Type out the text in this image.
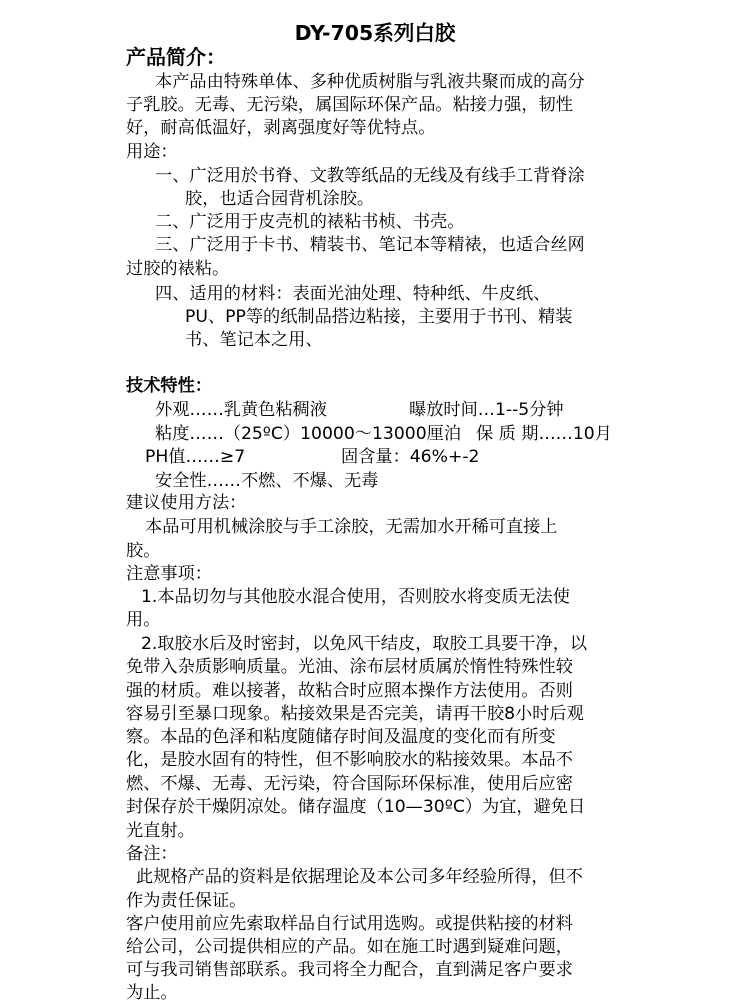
DY-705系列白胶
产品简介：
本产品由特殊单体、多种优质树脂与乳液共聚而成的高分
子乳胶。无毒、无污染，属国际环保产品。粘接力强，韧性
好，耐高低温好，剥离强度好等优特点。
用途：
一、广泛用於书脊、文教等纸品的无线及有线手工背脊涂
胶，也适合园背机涂胶。
二、广泛用于皮壳机的裱粘书桢、书壳。
三、广泛用于卡书、精装书、笔记本等精裱，也适合丝网
过胶的裱粘。
四、适用的材料：表面光油处理、特种纸、牛皮纸、
PU、PP等的纸制品搭边粘接，主要用于书刊、精装
书、笔记本之用、
技术特性：
外观……乳黄色粘稠液	曝放时间…1--5分钟
粘度……（25ºC）10000～13000厘泊 保 质 期……10月
PH值……≥7	固含量：46%+-2
安全性……不燃、不爆、无毒
建议使用方法：
本品可用机械涂胶与手工涂胶，无需加水开稀可直接上
胶。
注意事项：
1.本品切勿与其他胶水混合使用，否则胶水将变质无法使
用。
2.取胶水后及时密封，以免风干结皮，取胶工具要干净，以
免带入杂质影响质量。光油、涂布层材质属於惰性特殊性较
强的材质。难以接著，故粘合时应照本操作方法使用。否则
容易引至暴口现象。粘接效果是否完美，请再干胶8小时后观
察。本品的色泽和粘度随储存时间及温度的变化而有所变
化，是胶水固有的特性，但不影响胶水的粘接效果。本品不
燃、不爆、无毒、无污染，符合国际环保标准，使用后应密
封保存於干燥阴凉处。储存温度（10—30ºC）为宜，避免日
光直射。
备注：
此规格产品的资料是依据理论及本公司多年经验所得，但不
作为责任保证。
客户使用前应先索取样品自行试用选购。或提供粘接的材料
给公司，公司提供相应的产品。如在施工时遇到疑难问题，
可与我司销售部联系。我司将全力配合，直到满足客户要求
为止。
